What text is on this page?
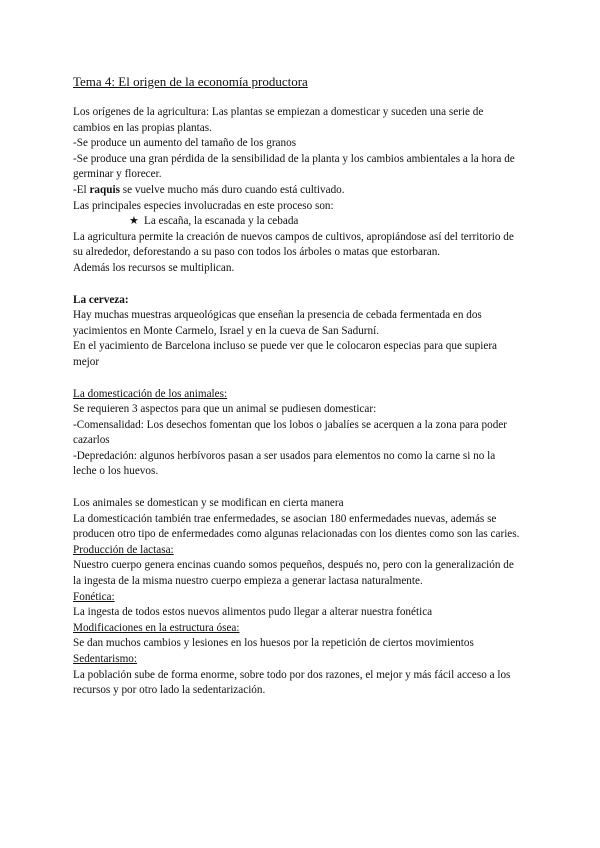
Tema 4: El origen de la economía productora

Los orígenes de la agricultura: Las plantas se empiezan a domesticar y suceden una serie de cambios en las propias plantas.

-Se produce un aumento del tamaño de los granos

-Se produce una gran pérdida de la sensibilidad de la planta y los cambios ambientales a la hora de germinar y florecer.

-El raquis se vuelve mucho más duro cuando está cultivado.

Las principales especies involucradas en este proceso son:

★ La escaña, la escanada y la cebada

La agricultura permite la creación de nuevos campos de cultivos, apropiándose así del territorio de su alrededor, deforestando a su paso con todos los árboles o matas que estorbaran.

Además los recursos se multiplican.

La cerveza:

Hay muchas muestras arqueológicas que enseñan la presencia de cebada fermentada en dos yacimientos en Monte Carmelo, Israel y en la cueva de San Sadurní.

En el yacimiento de Barcelona incluso se puede ver que le colocaron especias para que supiera mejor

La domesticación de los animales:

Se requieren 3 aspectos para que un animal se pudiesen domesticar:

-Comensalidad: Los desechos fomentan que los lobos o jabalíes se acerquen a la zona para poder cazarlos

-Depredación: algunos herbívoros pasan a ser usados para elementos no como la carne si no la leche o los huevos.

Los animales se domestican y se modifican en cierta manera

La domesticación también trae enfermedades, se asocian 180 enfermedades nuevas, además se producen otro tipo de enfermedades como algunas relacionadas con los dientes como son las caries.

Producción de lactasa:

Nuestro cuerpo genera encinas cuando somos pequeños, después no, pero con la generalización de la ingesta de la misma nuestro cuerpo empieza a generar lactasa naturalmente.

Fonética:

La ingesta de todos estos nuevos alimentos pudo llegar a alterar nuestra fonética

Modificaciones en la estructura ósea:

Se dan muchos cambios y lesiones en los huesos por la repetición de ciertos movimientos

Sedentarismo:

La población sube de forma enorme, sobre todo por dos razones, el mejor y más fácil acceso a los recursos y por otro lado la sedentarización.
